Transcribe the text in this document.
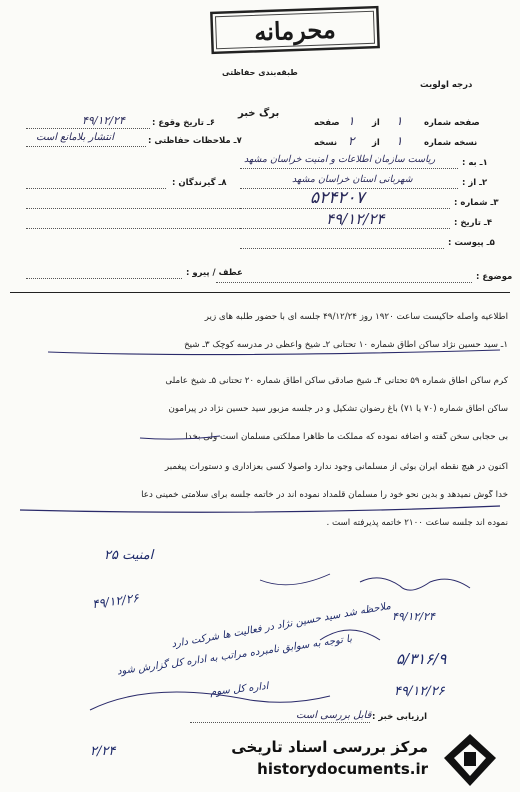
محرمانه
طبقه‌بندی حفاظتی
درجه اولویت
برگ خبر
صفحه شماره
۱
از
۱
صفحه
نسخه شماره
۱
از
۲
نسخه
۱ـ به :
ریاست سازمان اطلاعات و امنیت خراسان مشهد
۲ـ از :
شهربانی استان خراسان مشهد
۳ـ شماره :
۵۲۴۲۰۷
۴ـ تاریخ :
۴۹/۱۲/۲۴
۵ـ پیوست :
۶ـ تاریخ وقوع :
۴۹/۱۲/۲۴
۷ـ ملاحظات حفاظتی :
انتشار بلامانع است
۸ـ گیرندگان :
عطف / پیرو :	موضوع :
اطلاعیه واصله حاکیست ساعت ۱۹۲۰ روز ۴۹/۱۲/۲۴ جلسه ای با حضور طلبه های زیر
۱ـ سید حسین نژاد ساکن اطاق شماره ۱۰ تحتانی ۲ـ شیخ واعظی در مدرسه کوچک ۳ـ شیخ
کرم ساکن اطاق شماره ۵۹ تحتانی ۴ـ شیخ صادقی ساکن اطاق شماره ۲۰ تحتانی ۵ـ شیخ عاملی
ساکن اطاق شماره (۷۰ یا ۷۱) باغ رضوان تشکیل و در جلسه مزبور سید حسین نژاد در پیرامون
بی حجابی سخن گفته و اضافه نموده که مملکت ما ظاهرا مملکتی مسلمان است ولی بخدا
اکنون در هیچ نقطه ایران بوئی از مسلمانی وجود ندارد واصولا کسی بعزاداری و دستورات پیغمبر
خدا گوش نمیدهد و بدین نحو خود را مسلمان قلمداد نموده اند در خاتمه جلسه برای سلامتی خمینی دعا
نموده اند جلسه ساعت ۲۱۰۰ خاتمه پذیرفته است .
امنیت ۲۵
۴۹/۱۲/۲۶	ملاحظه شد سید حسین نژاد در فعالیت ها شرکت دارد
با توجه به سوابق نامبرده مراتب به اداره کل گزارش شود
اداره کل سوم
۵/۳۱۶/۹
۴۹/۱۲/۲۶
۴۹/۱۲/۲۴
ارزیابی خبر :
قابل بررسی است
۲/۲۴	مرکز بررسی اسناد تاریخی
historydocuments.ir
